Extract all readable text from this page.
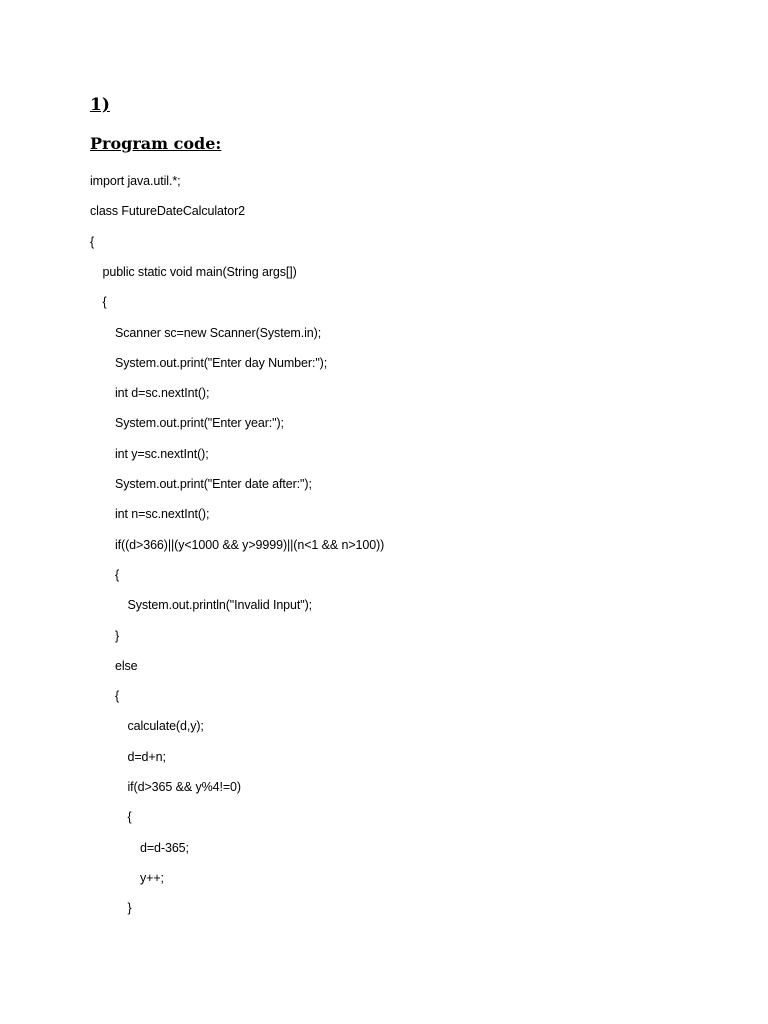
1)

Program code:

import java.util.*;
class FutureDateCalculator2
{
public static void main(String args[])
{
Scanner sc=new Scanner(System.in);
System.out.print("Enter day Number:");
int d=sc.nextInt();
System.out.print("Enter year:");
int y=sc.nextInt();
System.out.print("Enter date after:");
int n=sc.nextInt();
if((d>366)||(y<1000 && y>9999)||(n<1 && n>100))
{
System.out.println("Invalid Input");
}
else
{
calculate(d,y);
d=d+n;
if(d>365 && y%4!=0)
{
d=d-365;
y++;
}
